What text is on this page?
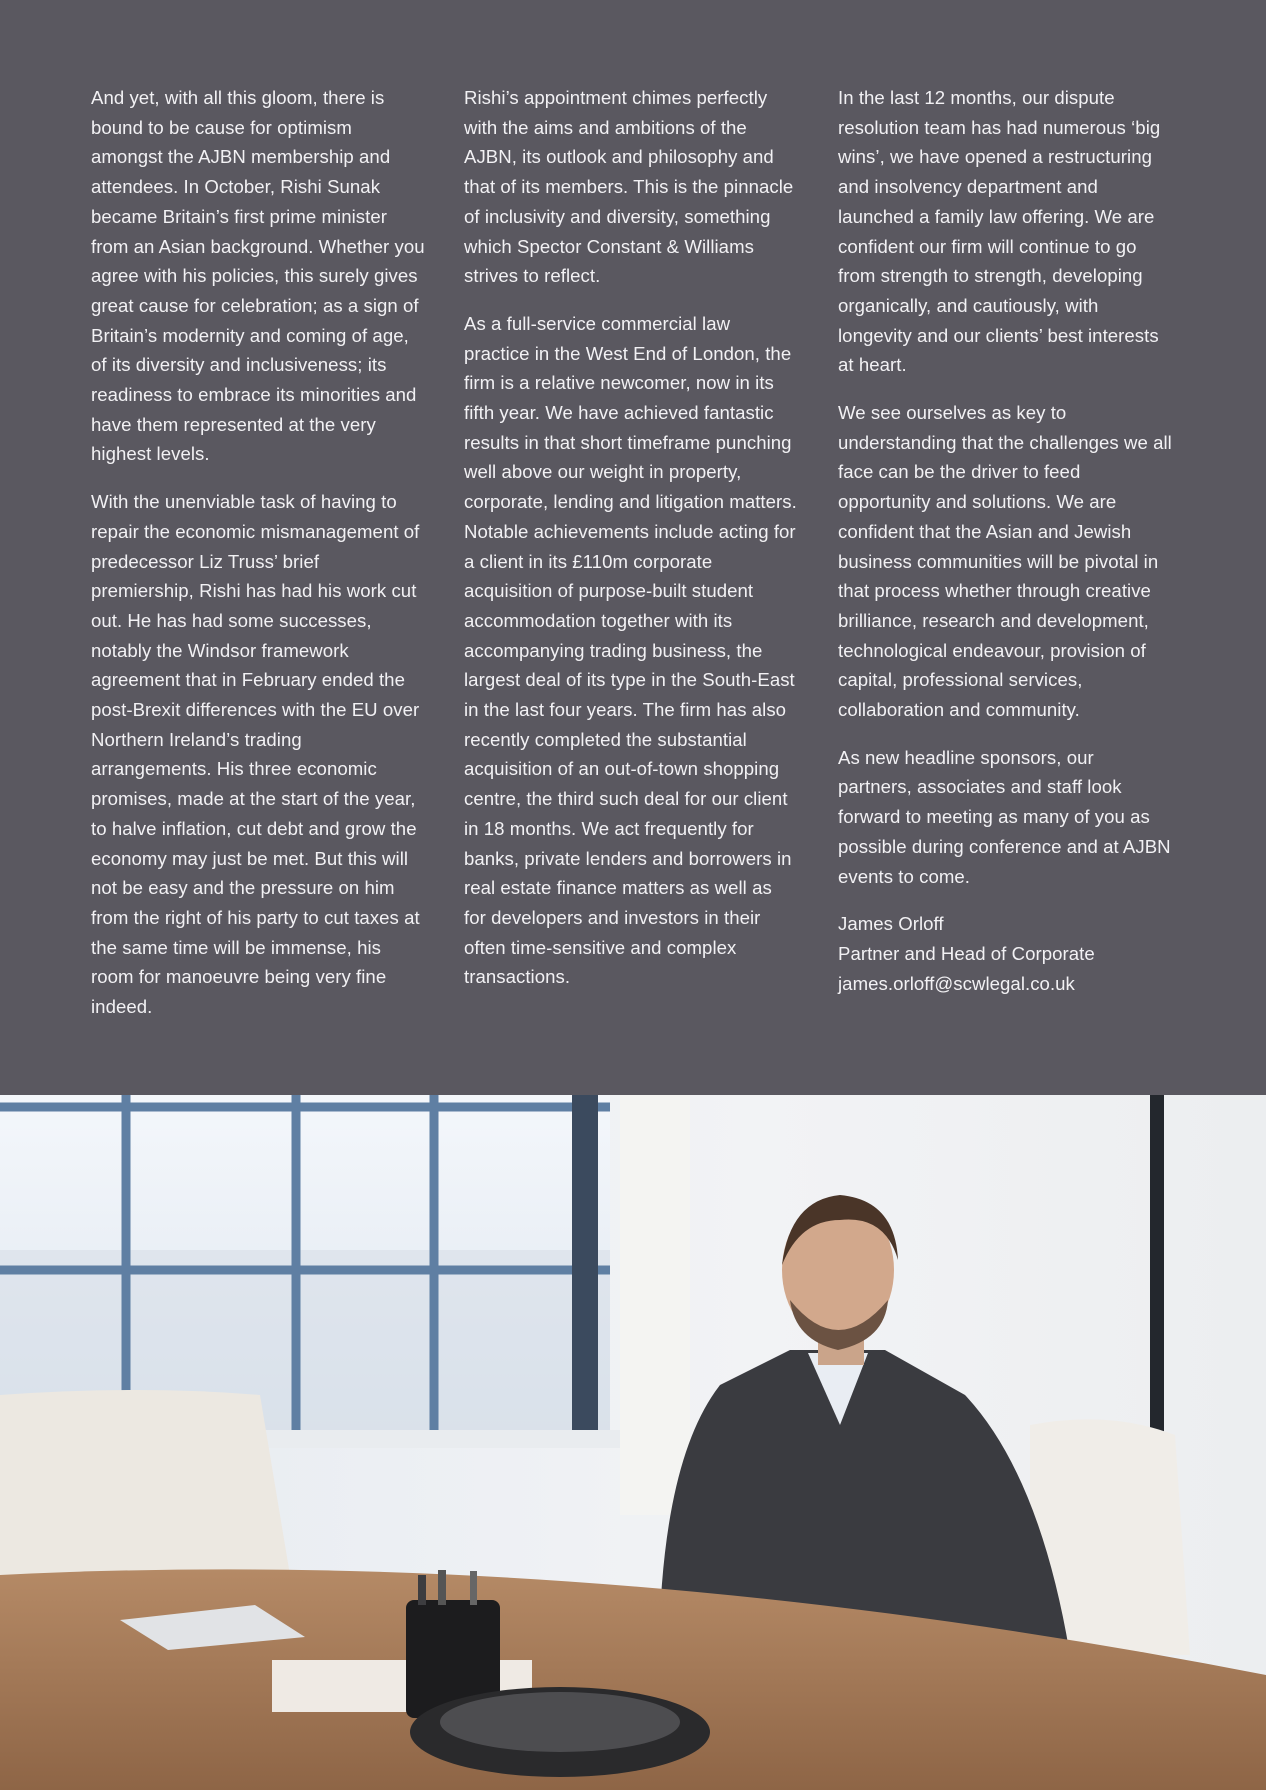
And yet, with all this gloom, there is bound to be cause for optimism amongst the AJBN membership and attendees. In October, Rishi Sunak became Britain’s first prime minister from an Asian background. Whether you agree with his policies, this surely gives great cause for celebration; as a sign of Britain’s modernity and coming of age, of its diversity and inclusiveness; its readiness to embrace its minorities and have them represented at the very highest levels.

With the unenviable task of having to repair the economic mismanagement of predecessor Liz Truss’ brief premiership, Rishi has had his work cut out. He has had some successes, notably the Windsor framework agreement that in February ended the post-Brexit differences with the EU over Northern Ireland’s trading arrangements. His three economic promises, made at the start of the year, to halve inflation, cut debt and grow the economy may just be met. But this will not be easy and the pressure on him from the right of his party to cut taxes at the same time will be immense, his room for manoeuvre being very fine indeed.

Rishi’s appointment chimes perfectly with the aims and ambitions of the AJBN, its outlook and philosophy and that of its members. This is the pinnacle of inclusivity and diversity, something which Spector Constant & Williams strives to reflect.

As a full-service commercial law practice in the West End of London, the firm is a relative newcomer, now in its fifth year. We have achieved fantastic results in that short timeframe punching well above our weight in property, corporate, lending and litigation matters. Notable achievements include acting for a client in its £110m corporate acquisition of purpose-built student accommodation together with its accompanying trading business, the largest deal of its type in the South-East in the last four years. The firm has also recently completed the substantial acquisition of an out-of-town shopping centre, the third such deal for our client in 18 months. We act frequently for banks, private lenders and borrowers in real estate finance matters as well as for developers and investors in their often time-sensitive and complex transactions.

In the last 12 months, our dispute resolution team has had numerous ‘big wins’, we have opened a restructuring and insolvency department and launched a family law offering. We are confident our firm will continue to go from strength to strength, developing organically, and cautiously, with longevity and our clients’ best interests at heart.

We see ourselves as key to understanding that the challenges we all face can be the driver to feed opportunity and solutions. We are confident that the Asian and Jewish business communities will be pivotal in that process whether through creative brilliance, research and development, technological endeavour, provision of capital, professional services, collaboration and community.

As new headline sponsors, our partners, associates and staff look forward to meeting as many of you as possible during conference and at AJBN events to come.

James Orloff
Partner and Head of Corporate
james.orloff@scwlegal.co.uk
